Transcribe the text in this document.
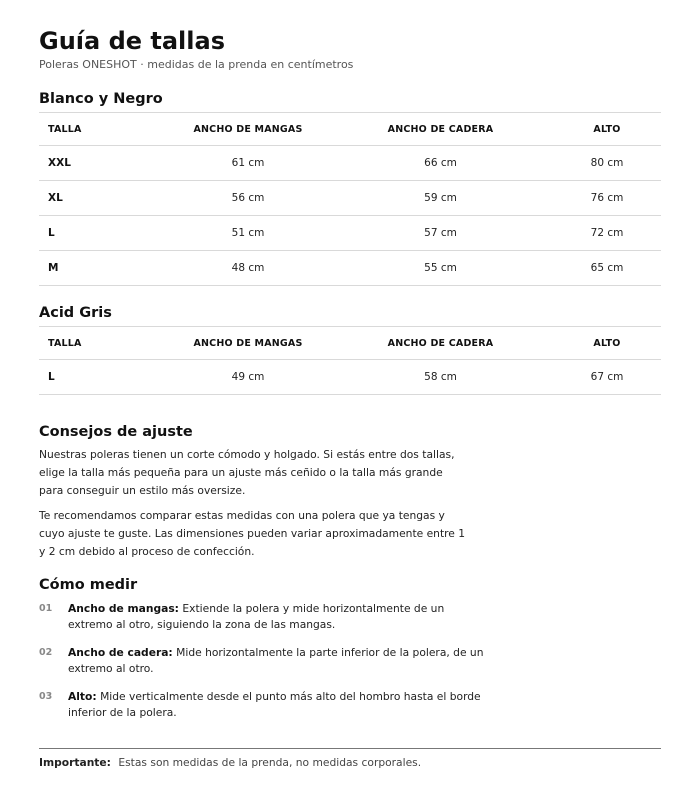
Guía de tallas
Poleras ONESHOT · medidas de la prenda en centímetros
Blanco y Negro
TALLA	ANCHO DE MANGAS	ANCHO DE CADERA	ALTO
XXL	61 cm	66 cm	80 cm
XL	56 cm	59 cm	76 cm
L	51 cm	57 cm	72 cm
M	48 cm	55 cm	65 cm
Acid Gris
TALLA	ANCHO DE MANGAS	ANCHO DE CADERA	ALTO
L	49 cm	58 cm	67 cm
Consejos de ajuste

Nuestras poleras tienen un corte cómodo y holgado. Si estás entre dos tallas, elige la talla más pequeña para un ajuste más ceñido o la talla más grande para conseguir un estilo más oversize.

Te recomendamos comparar estas medidas con una polera que ya tengas y cuyo ajuste te guste. Las dimensiones pueden variar aproximadamente entre 1 y 2 cm debido al proceso de confección.

Cómo medir
01 Ancho de mangas: Extiende la polera y mide horizontalmente de un extremo al otro, siguiendo la zona de las mangas.
02 Ancho de cadera: Mide horizontalmente la parte inferior de la polera, de un extremo al otro.
03 Alto: Mide verticalmente desde el punto más alto del hombro hasta el borde inferior de la polera.
Importante: Estas son medidas de la prenda, no medidas corporales.
